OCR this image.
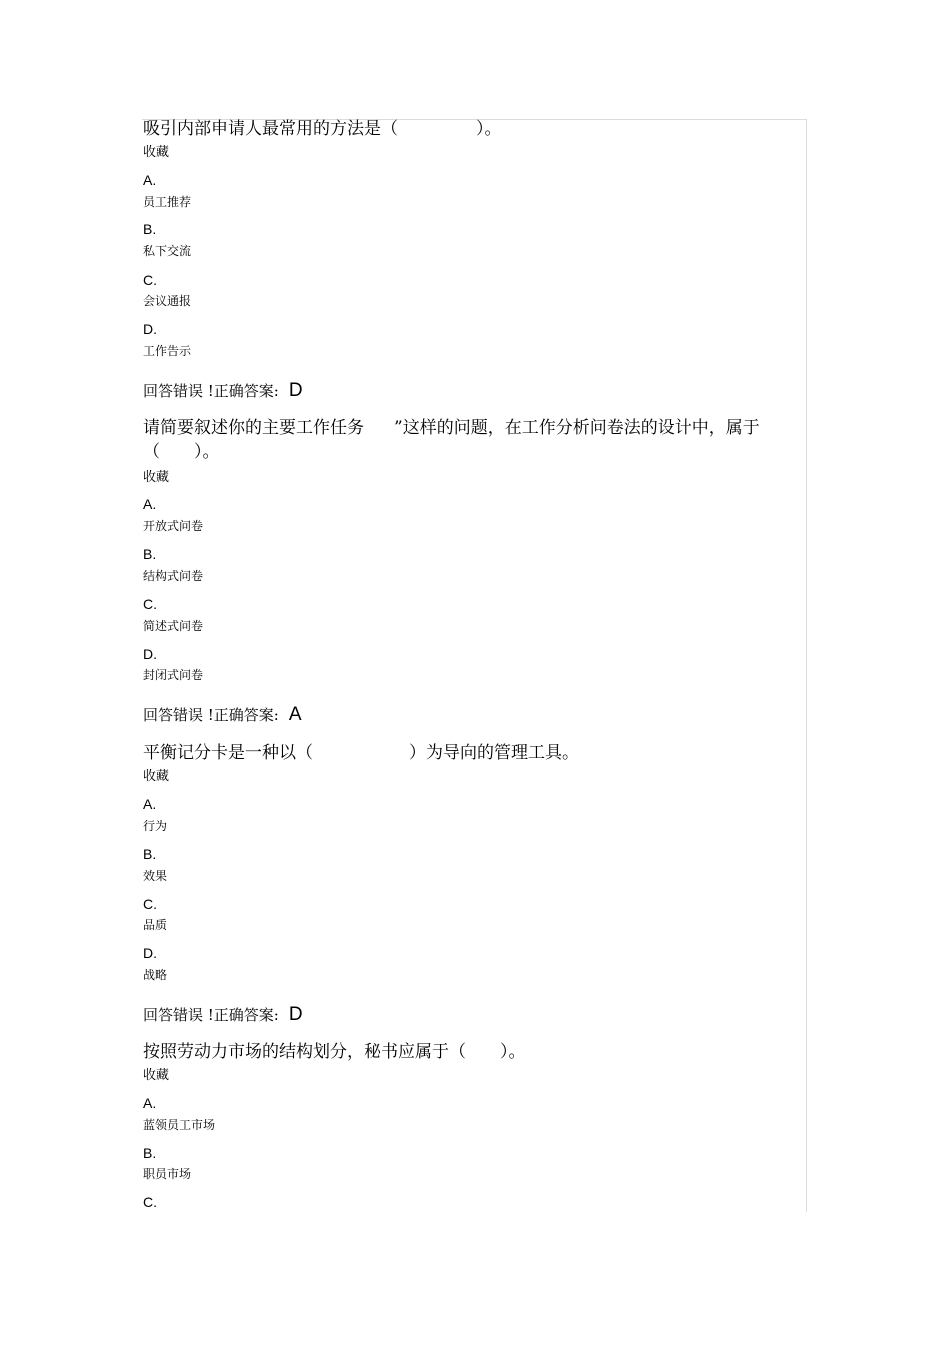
吸引内部申请人最常用的方法是（	）。

收藏

A.

员工推荐

B.

私下交流

C.

会议通报

D.

工作告示

回答错误 !正确答案: D

请简要叙述你的主要工作任务 ”这样的问题，在工作分析问卷法的设计中，属于

（ ）。

收藏

A.

开放式问卷

B.

结构式问卷

C.

简述式问卷

D.

封闭式问卷

回答错误 !正确答案: A

平衡记分卡是一种以（	）为导向的管理工具。

收藏

A.

行为

B.

效果

C.

品质

D.

战略

回答错误 !正确答案: D

按照劳动力市场的结构划分，秘书应属于（ ）。

收藏

A.

蓝领员工市场

B.

职员市场

C.
